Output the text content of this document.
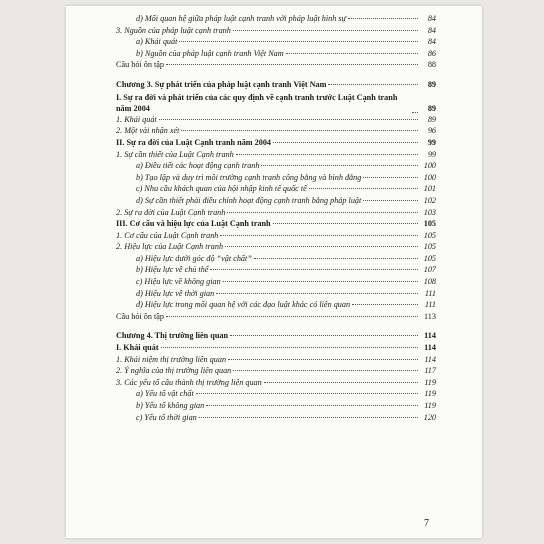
d) Mối quan hệ giữa pháp luật cạnh tranh với pháp luật hình sự	84
3. Nguồn của pháp luật cạnh tranh	84
a) Khái quát	84
b) Nguồn của pháp luật cạnh tranh Việt Nam	86
Câu hỏi ôn tập	88
Chương 3. Sự phát triển của pháp luật cạnh tranh Việt Nam	89
I. Sự ra đời và phát triển của các quy định về cạnh tranh trước Luật Cạnh tranh năm 2004	89
1. Khái quát	89
2. Một vài nhận xét	96
II. Sự ra đời của Luật Cạnh tranh năm 2004	99
1. Sự cần thiết của Luật Cạnh tranh	99
a) Điều tiết các hoạt động cạnh tranh	100
b) Tạo lập và duy trì môi trường cạnh tranh công bằng và bình đẳng	100
c) Nhu cầu khách quan của hội nhập kinh tế quốc tế	101
d) Sự cần thiết phải điều chỉnh hoạt động cạnh tranh bằng pháp luật	102
2. Sự ra đời của Luật Cạnh tranh	103
III. Cơ cấu và hiệu lực của Luật Cạnh tranh	105
1. Cơ cấu của Luật Cạnh tranh	105
2. Hiệu lực của Luật Cạnh tranh	105
a) Hiệu lực dưới góc độ “vật chất”	105
b) Hiệu lực về chủ thể	107
c) Hiệu lực về không gian	108
d) Hiệu lực về thời gian	111
đ) Hiệu lực trong mối quan hệ với các đạo luật khác có liên quan	111
Câu hỏi ôn tập	113
Chương 4. Thị trường liên quan	114
I. Khái quát	114
1. Khái niệm thị trường liên quan	114
2. Ý nghĩa của thị trường liên quan	117
3. Các yếu tố cấu thành thị trường liên quan	119
a) Yếu tố vật chất	119
b) Yếu tố không gian	119
c) Yếu tố thời gian	120
7
